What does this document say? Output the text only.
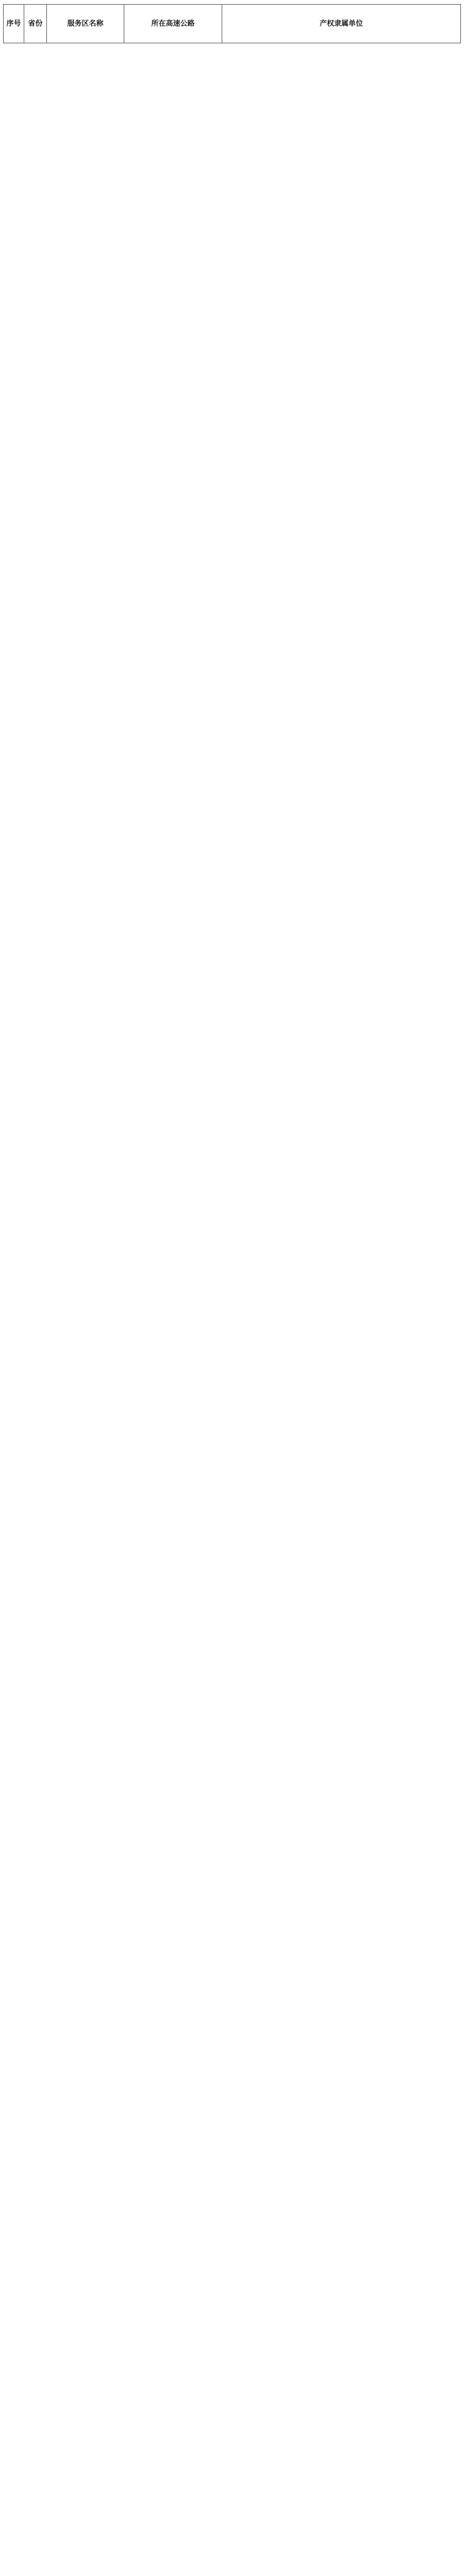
序号	省份	服务区名称	所在高速公路	产权隶属单位
